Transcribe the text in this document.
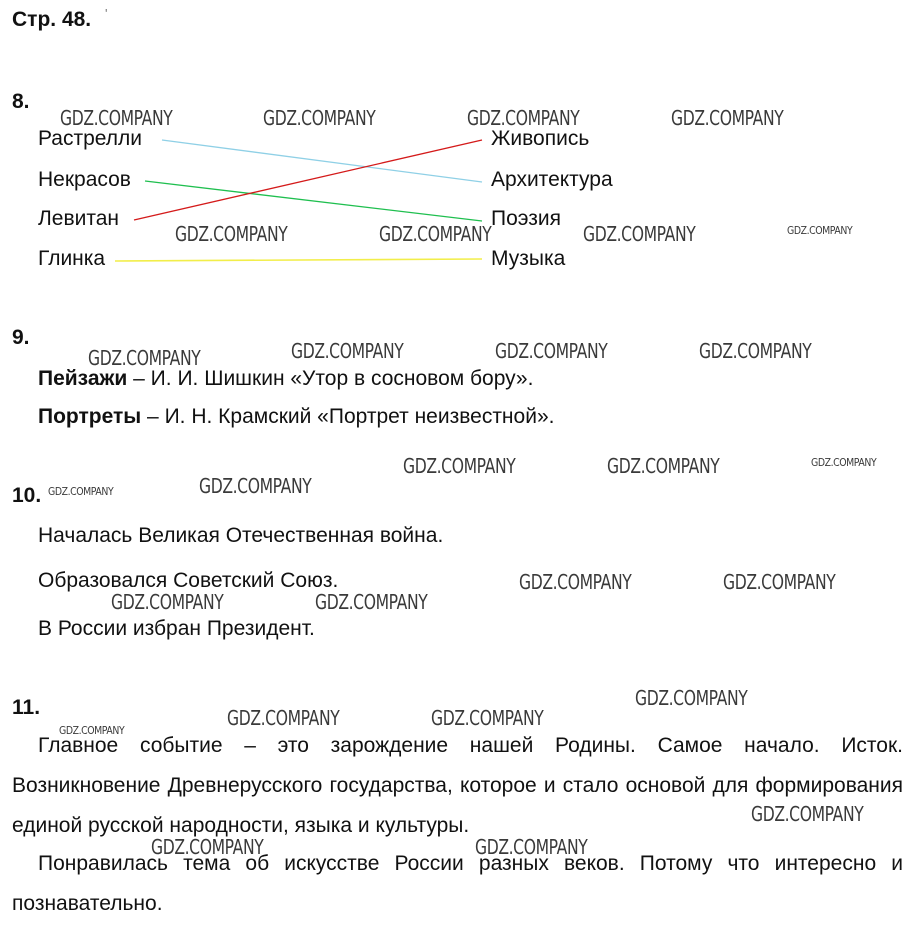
Стр. 48. '
8.
Растрелли
Некрасов
Левитан
Глинка
Живопись
Архитектура
Поэзия
Музыка
9.
Пейзажи – И. И. Шишкин «Утор в сосновом бору».
Портреты – И. Н. Крамский «Портрет неизвестной».
10.
Началась Великая Отечественная война.
Образовался Советский Союз.
В России избран Президент.
11.
Главное событие – это зарождение нашей Родины. Самое начало. Исток. Возникновение Древнерусского государства, которое и стало основой для формирования единой русской народности, языка и культуры.
Понравилась тема об искусстве России разных веков. Потому что интересно и познавательно.
GDZ.COMPANY	GDZ.COMPANY	GDZ.COMPANY	GDZ.COMPANY
GDZ.COMPANY	GDZ.COMPANY	GDZ.COMPANY	GDZ.COMPANY
GDZ.COMPANY	GDZ.COMPANY	GDZ.COMPANY	GDZ.COMPANY
GDZ.COMPANY	GDZ.COMPANY	GDZ.COMPANY
GDZ.COMPANY	GDZ.COMPANY
GDZ.COMPANY	GDZ.COMPANY
GDZ.COMPANY	GDZ.COMPANY
GDZ.COMPANY
GDZ.COMPANY
GDZ.COMPANY	GDZ.COMPANY
GDZ.COMPANY
GDZ.COMPANY	GDZ.COMPANY
